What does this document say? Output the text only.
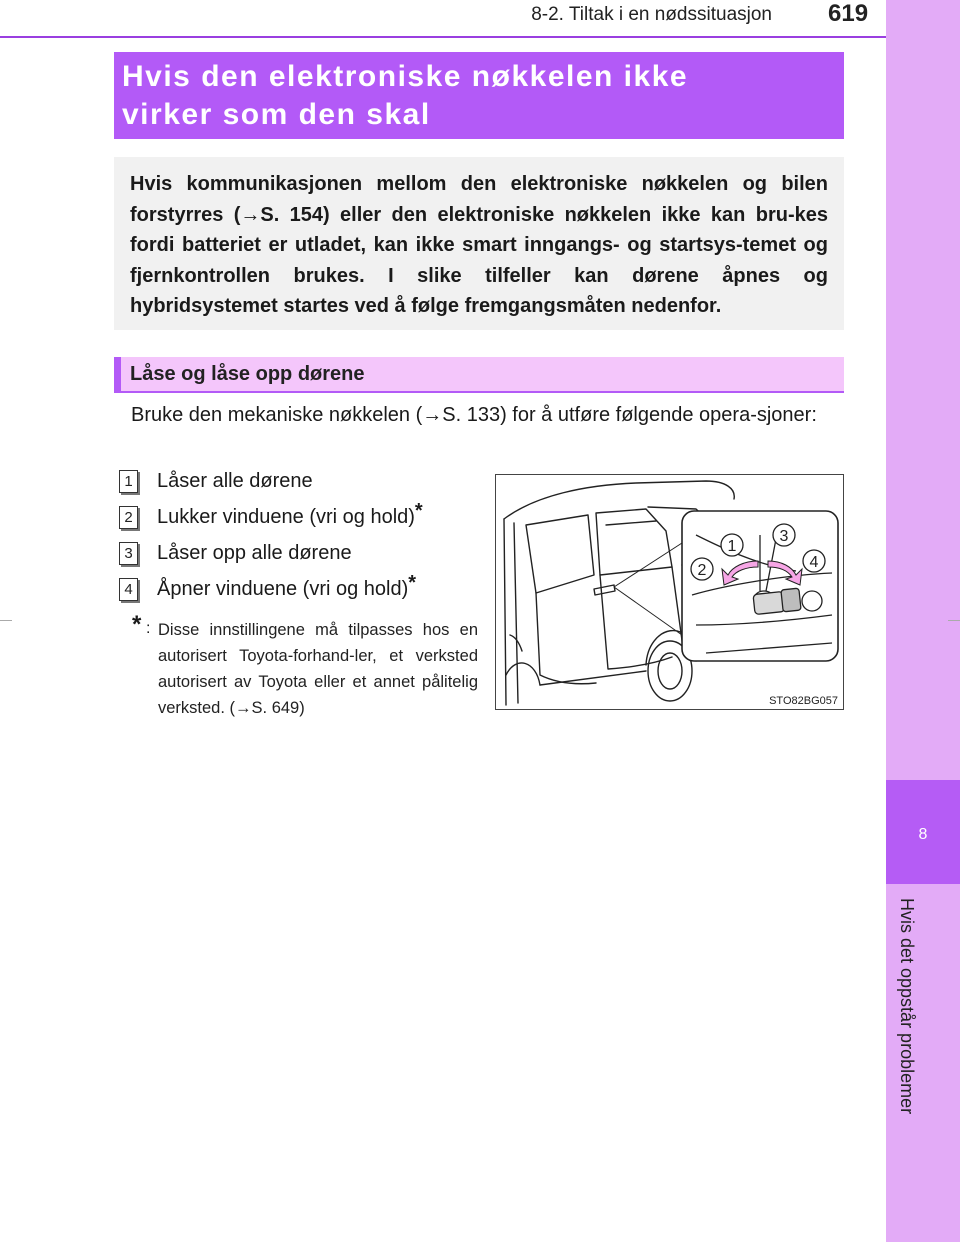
8-2. Tiltak i en nødssituasjon 619
8
Hvis det oppstår problemer
Hvis den elektroniske nøkkelen ikke
virker som den skal
Hvis kommunikasjonen mellom den elektroniske nøkkelen og bilen forstyrres (→S. 154) eller den elektroniske nøkkelen ikke kan bru-kes fordi batteriet er utladet, kan ikke smart inngangs- og startsys-temet og fjernkontrollen brukes. I slike tilfeller kan dørene åpnes og hybridsystemet startes ved å følge fremgangsmåten nedenfor.
Låse og låse opp dørene
Bruke den mekaniske nøkkelen (→S. 133) for å utføre følgende opera-sjoner:
1 Låser alle dørene
2 Lukker vinduene (vri og hold)*
3 Låser opp alle dørene
4 Åpner vinduene (vri og hold)*
* : Disse innstillingene må tilpasses hos en autorisert Toyota-forhand-ler, et verksted autorisert av Toyota eller et annet pålitelig verksted. (→S. 649)
1
2
3
4
STO82BG057
